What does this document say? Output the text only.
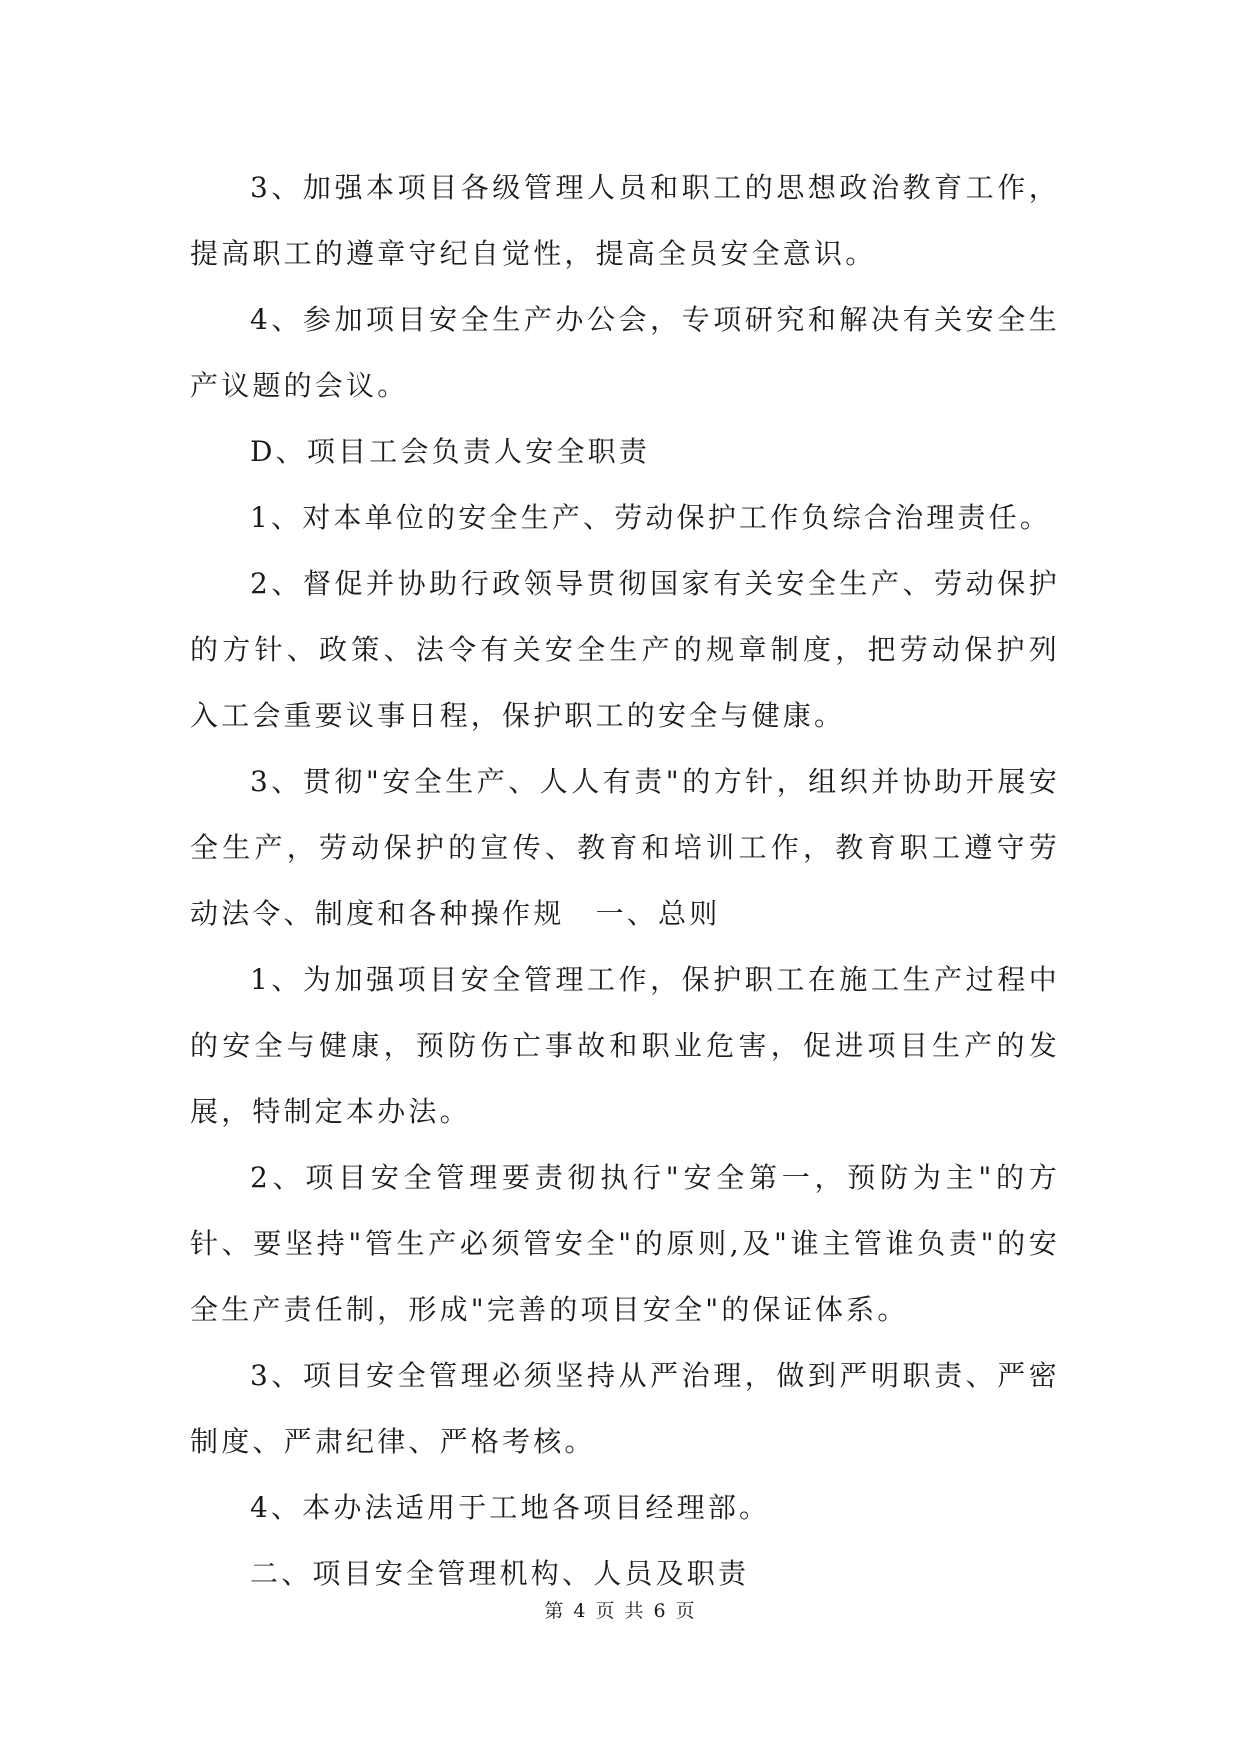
3、加强本项目各级管理人员和职工的思想政治教育工作，提高职工的遵章守纪自觉性，提高全员安全意识。

4、参加项目安全生产办公会，专项研究和解决有关安全生产议题的会议。

D、项目工会负责人安全职责

1、对本单位的安全生产、劳动保护工作负综合治理责任。

2、督促并协助行政领导贯彻国家有关安全生产、劳动保护的方针、政策、法令有关安全生产的规章制度，把劳动保护列入工会重要议事日程，保护职工的安全与健康。

3、贯彻"安全生产、人人有责"的方针，组织并协助开展安全生产，劳动保护的宣传、教育和培训工作，教育职工遵守劳动法令、制度和各种操作规　一、总则

1、为加强项目安全管理工作，保护职工在施工生产过程中的安全与健康，预防伤亡事故和职业危害，促进项目生产的发展，特制定本办法。

2、项目安全管理要责彻执行"安全第一，预防为主"的方针、要坚持"管生产必须管安全"的原则,及"谁主管谁负责"的安全生产责任制，形成"完善的项目安全"的保证体系。

3、项目安全管理必须坚持从严治理，做到严明职责、严密制度、严肃纪律、严格考核。

4、本办法适用于工地各项目经理部。

二、项目安全管理机构、人员及职责

第 4 页 共 6 页
